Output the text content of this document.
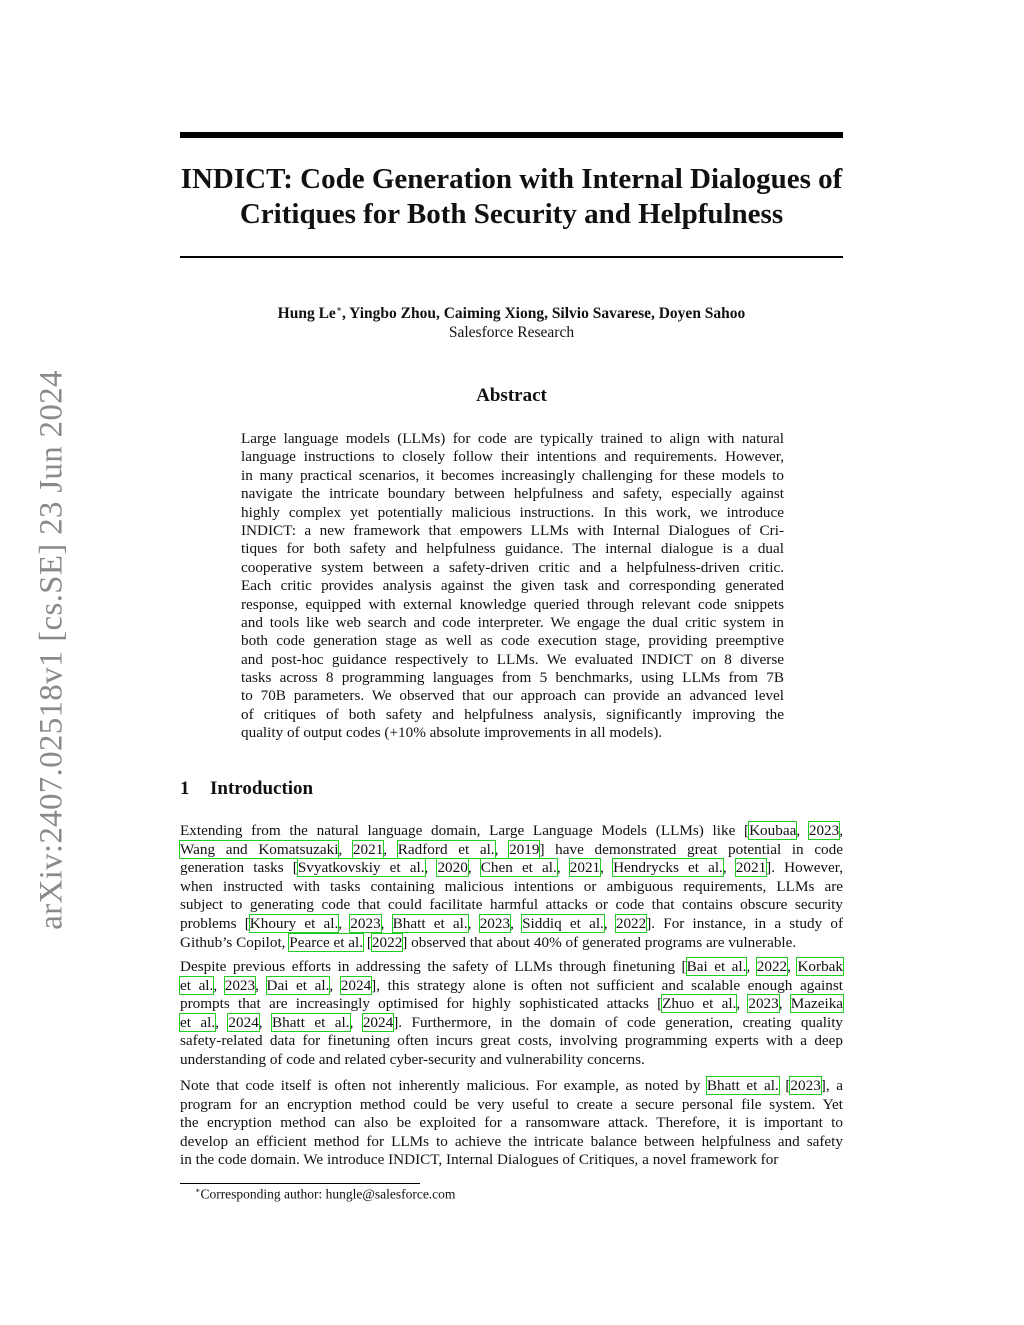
arXiv:2407.02518v1 [cs.SE] 23 Jun 2024
INDICT: Code Generation with Internal Dialogues of
Critiques for Both Security and Helpfulness
Hung Le∗, Yingbo Zhou, Caiming Xiong, Silvio Savarese, Doyen Sahoo
Salesforce Research
Abstract
Large language models (LLMs) for code are typically trained to align with natural
language instructions to closely follow their intentions and requirements. However,
in many practical scenarios, it becomes increasingly challenging for these models to
navigate the intricate boundary between helpfulness and safety, especially against
highly complex yet potentially malicious instructions. In this work, we introduce
INDICT: a new framework that empowers LLMs with Internal Dialogues of Cri-
tiques for both safety and helpfulness guidance. The internal dialogue is a dual
cooperative system between a safety-driven critic and a helpfulness-driven critic.
Each critic provides analysis against the given task and corresponding generated
response, equipped with external knowledge queried through relevant code snippets
and tools like web search and code interpreter. We engage the dual critic system in
both code generation stage as well as code execution stage, providing preemptive
and post-hoc guidance respectively to LLMs. We evaluated INDICT on 8 diverse
tasks across 8 programming languages from 5 benchmarks, using LLMs from 7B
to 70B parameters. We observed that our approach can provide an advanced level
of critiques of both safety and helpfulness analysis, significantly improving the
quality of output codes (+10% absolute improvements in all models).
1 Introduction
Extending from the natural language domain, Large Language Models (LLMs) like [Koubaa, 2023,
Wang and Komatsuzaki, 2021, Radford et al., 2019] have demonstrated great potential in code
generation tasks [Svyatkovskiy et al., 2020, Chen et al., 2021, Hendrycks et al., 2021]. However,
when instructed with tasks containing malicious intentions or ambiguous requirements, LLMs are
subject to generating code that could facilitate harmful attacks or code that contains obscure security
problems [Khoury et al., 2023, Bhatt et al., 2023, Siddiq et al., 2022]. For instance, in a study of
Github’s Copilot, Pearce et al. [2022] observed that about 40% of generated programs are vulnerable.
Despite previous efforts in addressing the safety of LLMs through finetuning [Bai et al., 2022, Korbak
et al., 2023, Dai et al., 2024], this strategy alone is often not sufficient and scalable enough against
prompts that are increasingly optimised for highly sophisticated attacks [Zhuo et al., 2023, Mazeika
et al., 2024, Bhatt et al., 2024]. Furthermore, in the domain of code generation, creating quality
safety-related data for finetuning often incurs great costs, involving programming experts with a deep
understanding of code and related cyber-security and vulnerability concerns.
Note that code itself is often not inherently malicious. For example, as noted by Bhatt et al. [2023], a
program for an encryption method could be very useful to create a secure personal file system. Yet
the encryption method can also be exploited for a ransomware attack. Therefore, it is important to
develop an efficient method for LLMs to achieve the intricate balance between helpfulness and safety
in the code domain. We introduce INDICT, Internal Dialogues of Critiques, a novel framework for
∗Corresponding author: hungle@salesforce.com
